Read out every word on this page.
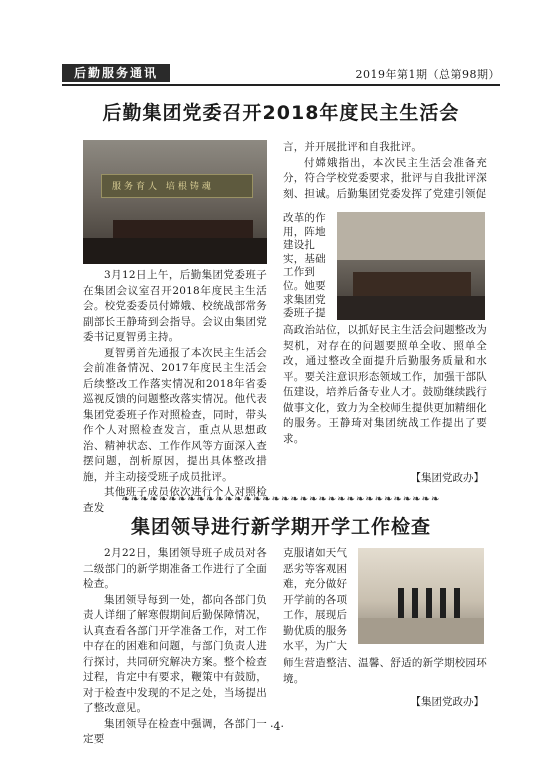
后勤服务通讯	2019年第1期（总第98期）
后勤集团党委召开2018年度民主生活会
服务育人 培根铸魂

3月12日上午，后勤集团党委班子在集团会议室召开2018年度民主生活会。校党委委员付嫦娥、校统战部常务副部长王静琦到会指导。会议由集团党委书记夏智勇主持。

夏智勇首先通报了本次民主生活会会前准备情况、2017年度民主生活会后续整改工作落实情况和2018年省委巡视反馈的问题整改落实情况。他代表集团党委班子作对照检查，同时，带头作个人对照检查发言，重点从思想政治、精神状态、工作作风等方面深入查摆问题，剖析原因，提出具体整改措施，并主动接受班子成员批评。

其他班子成员依次进行个人对照检查发

言，并开展批评和自我批评。

付嫦娥指出，本次民主生活会准备充分，符合学校党委要求，批评与自我批评深刻、担诚。后勤集团党委发挥了党建引领促

改革的作
用，阵地
建设扎
实，基础
工作到
位。她要
求集团党
委班子提

高政治站位，以抓好民主生活会问题整改为契机，对存在的问题要照单全收、照单全改，通过整改全面提升后勤服务质量和水平。要关注意识形态领域工作，加强干部队伍建设，培养后备专业人才。鼓励继续践行做事文化，致力为全校师生提供更加精细化的服务。王静琦对集团统战工作提出了要求。

【集团党政办】
❧❧❧❧❧❧❧❧❧❧❧❧❧❧❧❧❧❧❧❧❧❧❧❧❧❧❧❧❧❧❧❧❧❧
集团领导进行新学期开学工作检查

2月22日，集团领导班子成员对各二级部门的新学期准备工作进行了全面检查。

集团领导每到一处，都向各部门负责人详细了解寒假期间后勤保障情况，认真查看各部门开学准备工作，对工作中存在的困难和问题，与部门负责人进行探讨，共同研究解决方案。整个检查过程，肯定中有要求，鞭策中有鼓励，对于检查中发现的不足之处，当场提出了整改意见。

集团领导在检查中强调，各部门一定要

克服诸如天气
恶劣等客观困
难，充分做好
开学前的各项
工作，展现后
勤优质的服务
水平，为广大

师生营造整洁、温馨、舒适的新学期校园环境。

【集团党政办】
·4·
